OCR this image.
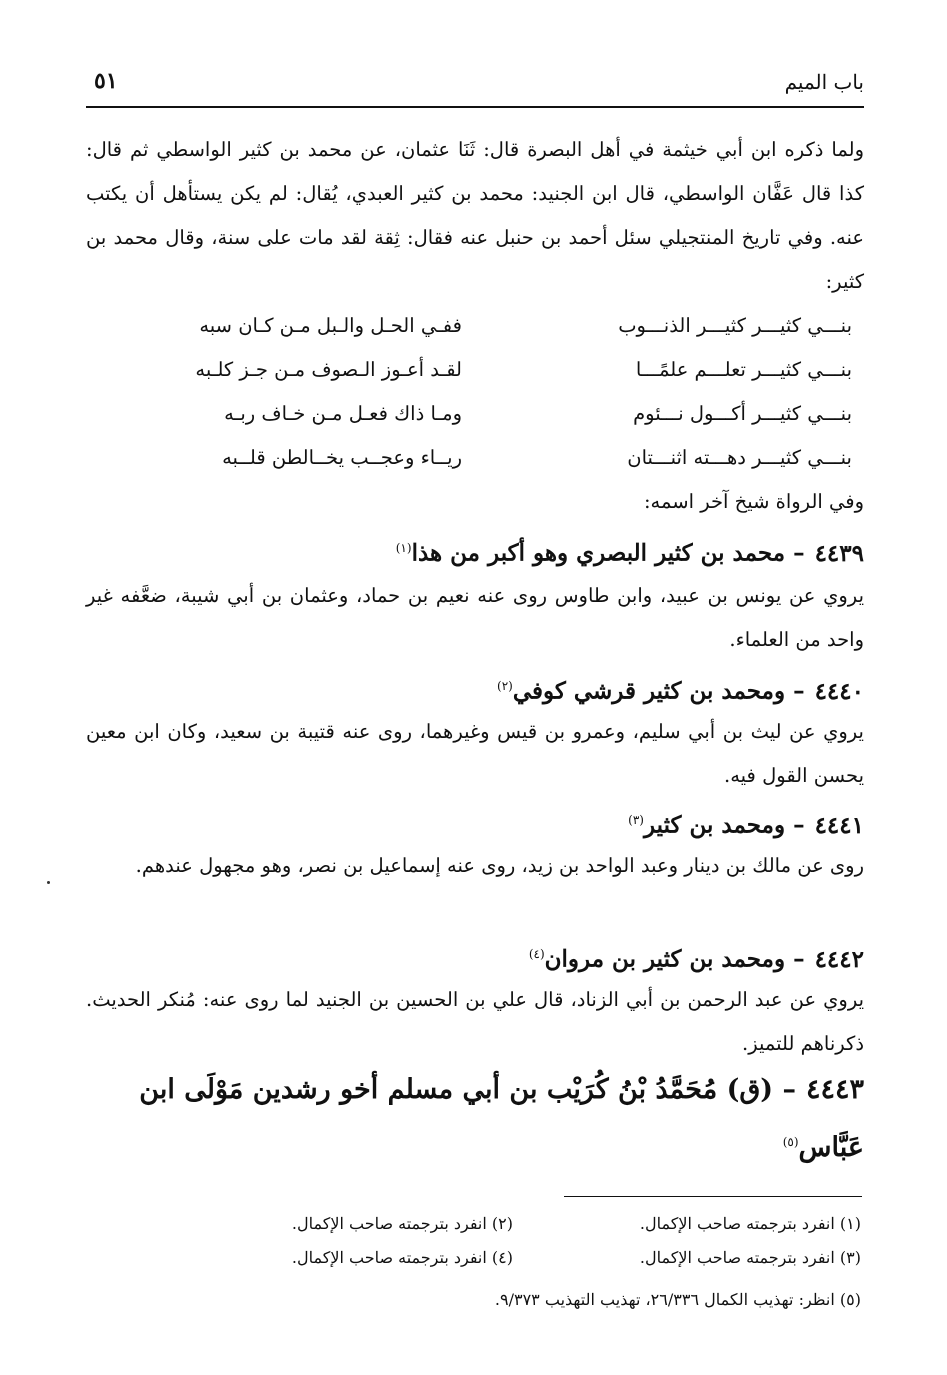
باب الميم
٥١

ولما ذكره ابن أبي خيثمة في أهل البصرة قال: ثَنَا عثمان، عن محمد بن كثير الواسطي ثم قال: كذا قال عَفَّان الواسطي، قال ابن الجنيد: محمد بن كثير العبدي، يُقال: لم يكن يستأهل أن يكتب عنه. وفي تاريخ المنتجيلي سئل أحمد بن حنبل عنه فقال: ثِقة لقد مات على سنة، وقال محمد بن كثير:

بنـــي كثيـــر كثيـــر الذنـــوب
ففـي الحـل والـبل مـن كـان سبه
بنـــي كثيـــر تعلـــم علمًـــا
لقـد أعـوز الـصوف مـن جـز كلـبه
بنـــي كثيـــر أكـــول نـــئوم
ومـا ذاك فعـل مـن خـاف ربـه
بنـــي كثيـــر دهـــته اثنـــتان
ريــاء وعجــب يخــالطن قلــبه

وفي الرواة شيخ آخر اسمه:

٤٤٣٩– محمد بن كثير البصري وهو أكبر من هذا$^{(١)}$

يروي عن يونس بن عبيد، وابن طاوس روى عنه نعيم بن حماد، وعثمان بن أبي شيبة، ضعَّفه غير واحد من العلماء.

٤٤٤٠– ومحمد بن كثير قرشي كوفي$^{(٢)}$

يروي عن ليث بن أبي سليم، وعمرو بن قيس وغيرهما، روى عنه قتيبة بن سعيد، وكان ابن معين يحسن القول فيه.

٤٤٤١– ومحمد بن كثير$^{(٣)}$

روى عن مالك بن دينار وعبد الواحد بن زيد، روى عنه إسماعيل بن نصر، وهو مجهول عندهم.

٤٤٤٢– ومحمد بن كثير بن مروان$^{(٤)}$

يروي عن عبد الرحمن بن أبي الزناد، قال علي بن الحسين بن الجنيد لما روى عنه: مُنكر الحديث. ذكرناهم للتميز.

٤٤٤٣– (ق) مُحَمَّدُ بْنُ كُرَيْب بن أبي مسلم أخو رشدين مَوْلَى ابن عَبَّاس$^{(٥)}$

(١) انفرد بترجمته صاحب الإكمال.
(٢) انفرد بترجمته صاحب الإكمال.
(٣) انفرد بترجمته صاحب الإكمال.
(٤) انفرد بترجمته صاحب الإكمال.
(٥) انظر: تهذيب الكمال ٢٦/٣٣٦، تهذيب التهذيب ٩/٣٧٣.
